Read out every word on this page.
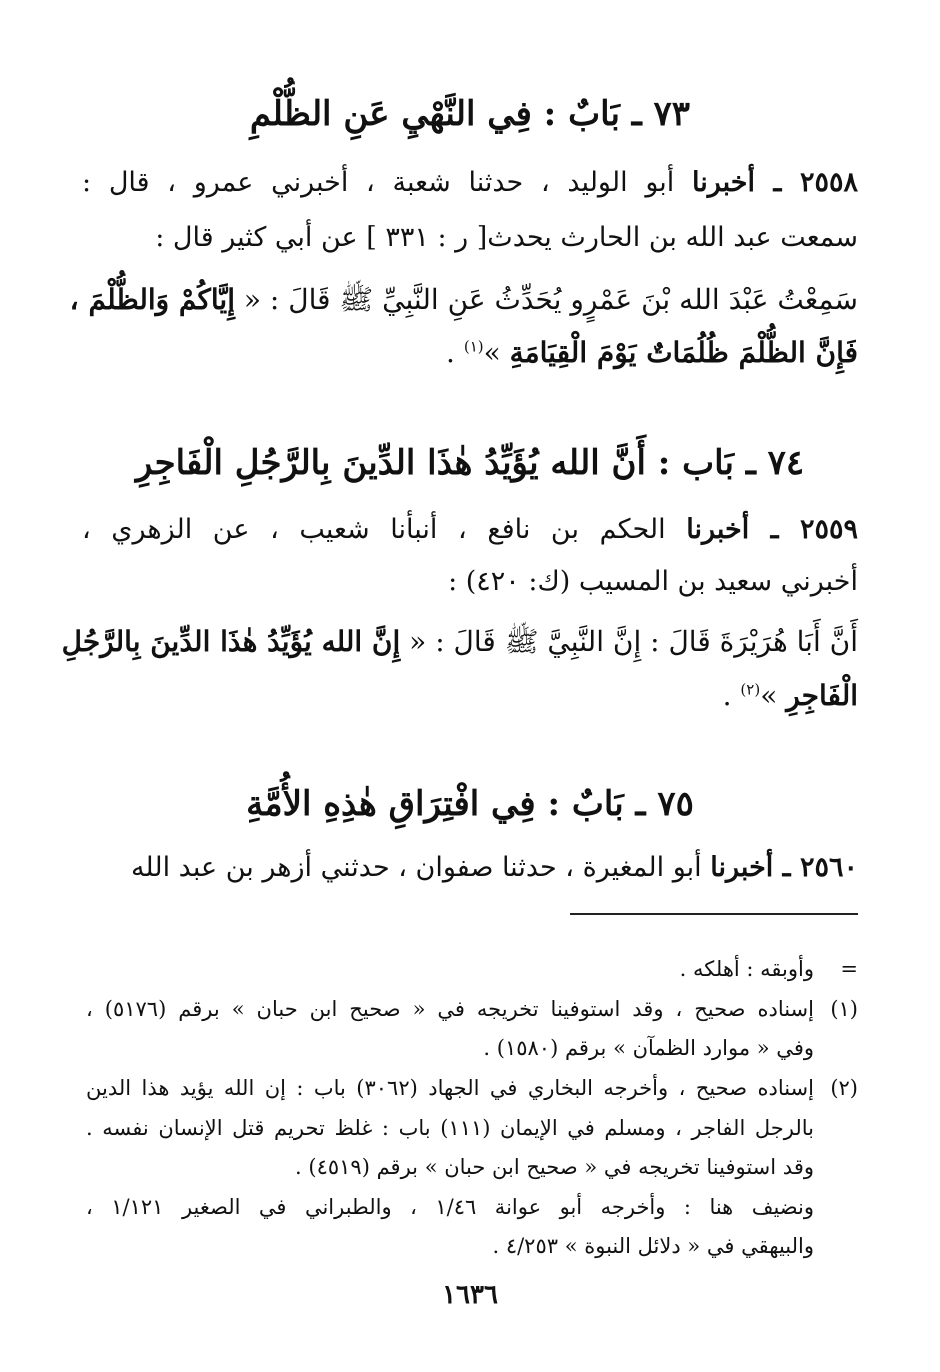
٧٣ ـ بَابٌ : فِي النَّهْيِ عَنِ الظُّلْمِ
٢٥٥٨ ـ أخبرنا أبو الوليد ، حدثنا شعبة ، أخبرني عمرو ، قال :
سمعت عبد الله بن الحارث يحدث[ ر : ٣٣١ ] عن أبي كثير قال :
سَمِعْتُ عَبْدَ الله بْنَ عَمْرٍو يُحَدِّثُ عَنِ النَّبِيِّ ﷺ قَالَ : « إِيَّاكُمْ وَالظُّلْمَ ،
فَإِنَّ الظُّلْمَ ظُلُمَاتٌ يَوْمَ الْقِيَامَةِ »$^{(١)}$ .
٧٤ ـ بَاب : أَنَّ الله يُؤَيِّدُ هٰذَا الدِّينَ بِالرَّجُلِ الْفَاجِرِ
٢٥٥٩ ـ أخبرنا الحكم بن نافع ، أنبأنا شعيب ، عن الزهري ،
أخبرني سعيد بن المسيب (ك: ٤٢٠) :
أَنَّ أَبَا هُرَيْرَةَ قَالَ : إِنَّ النَّبِيَّ ﷺ قَالَ : « إِنَّ الله يُؤَيِّدُ هٰذَا الدِّينَ بِالرَّجُلِ
الْفَاجِرِ »$^{(٢)}$ .
٧٥ ـ بَابٌ : فِي افْتِرَاقِ هٰذِهِ الأُمَّةِ
٢٥٦٠ ـ أخبرنا أبو المغيرة ، حدثنا صفوان ، حدثني أزهر بن عبد الله
=
وأوبقه : أهلكه .
(١)
إسناده صحيح ، وقد استوفينا تخريجه في « صحيح ابن حبان » برقم (٥١٧٦) ،
وفي « موارد الظمآن » برقم (١٥٨٠) .
(٢)
إسناده صحيح ، وأخرجه البخاري في الجهاد (٣٠٦٢) باب : إن الله يؤيد هذا الدين
بالرجل الفاجر ، ومسلم في الإيمان (١١١) باب : غلظ تحريم قتل الإنسان نفسه .
وقد استوفينا تخريجه في « صحيح ابن حبان » برقم (٤٥١٩) .
ونضيف هنا : وأخرجه أبو عوانة ١/٤٦ ، والطبراني في الصغير ١/١٢١ ،
والبيهقي في « دلائل النبوة » ٤/٢٥٣ .
١٦٣٦
